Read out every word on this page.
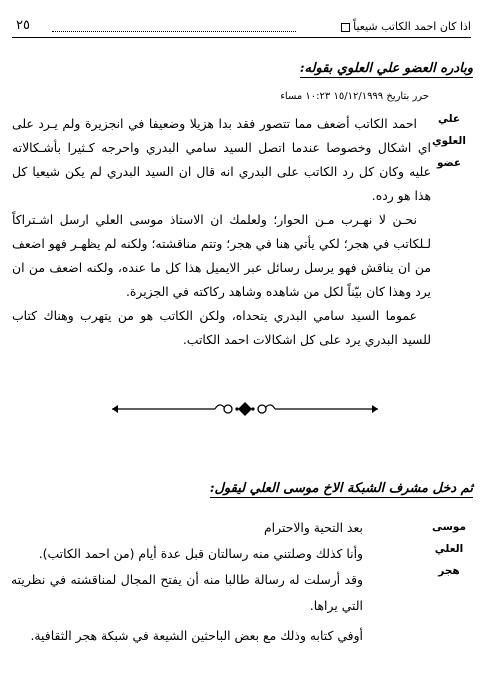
اذا كان احمد الكاتب شيعياً
٢٥
وبادره العضو علي العلوي بقوله:
حرر بتاريخ ١٥/١٢/١٩٩٩ ١٠:٢٣ مساء
علي
العلوي
عضو

احمد الكاتب أضعف مما تتصور فقد بدا هزيلا وضعيفا في انجزيرة ولم يـرد على اي اشكال وخصوصا عندما اتصل السيد سامي البدري واحرجه كـثيرا بأشـكالاته عليه وكان كل رد الكاتب على البدري انه قال ان السيد البدري لم يكن شيعيا كل هذا هو رده.

نحـن لا نهـرب مـن الحوار؛ ولعلمك ان الاستاذ موسى العلي ارسل اشـتراكاً لـلكاتب في هجر؛ لكي يأتي هنا في هجر؛ وتتم مناقشته؛ ولكنه لم يظهـر فهو اضعف من ان يناقش فهو يرسل رسائل عبر الايميل هذا كل ما عنده، ولكنه اضعف من ان يرد وهذا كان بيّناً لكل من شاهده وشاهد ركاكته في الجزيرة.

عموما السيد سامي البدري يتحداه، ولكن الكاتب هو من يتهرب وهناك كتاب للسيد البدري يرد على كل اشكالات احمد الكاتب.

ثم دخل مشرف الشبكة الاخ موسى العلي ليقول:
موسى
العلي
هجر
بعد التحية والاحترام
وأنا كذلك وصلتني منه رسالتان قبل عدة أيام (من احمد الكاتب).
وقد أرسلت له رسالة طالبا منه أن يفتح المجال لمناقشته في نظريته التي يراها.
أوفي كتابه وذلك مع بعض الباحثين الشيعة في شبكة هجر الثقافية.
